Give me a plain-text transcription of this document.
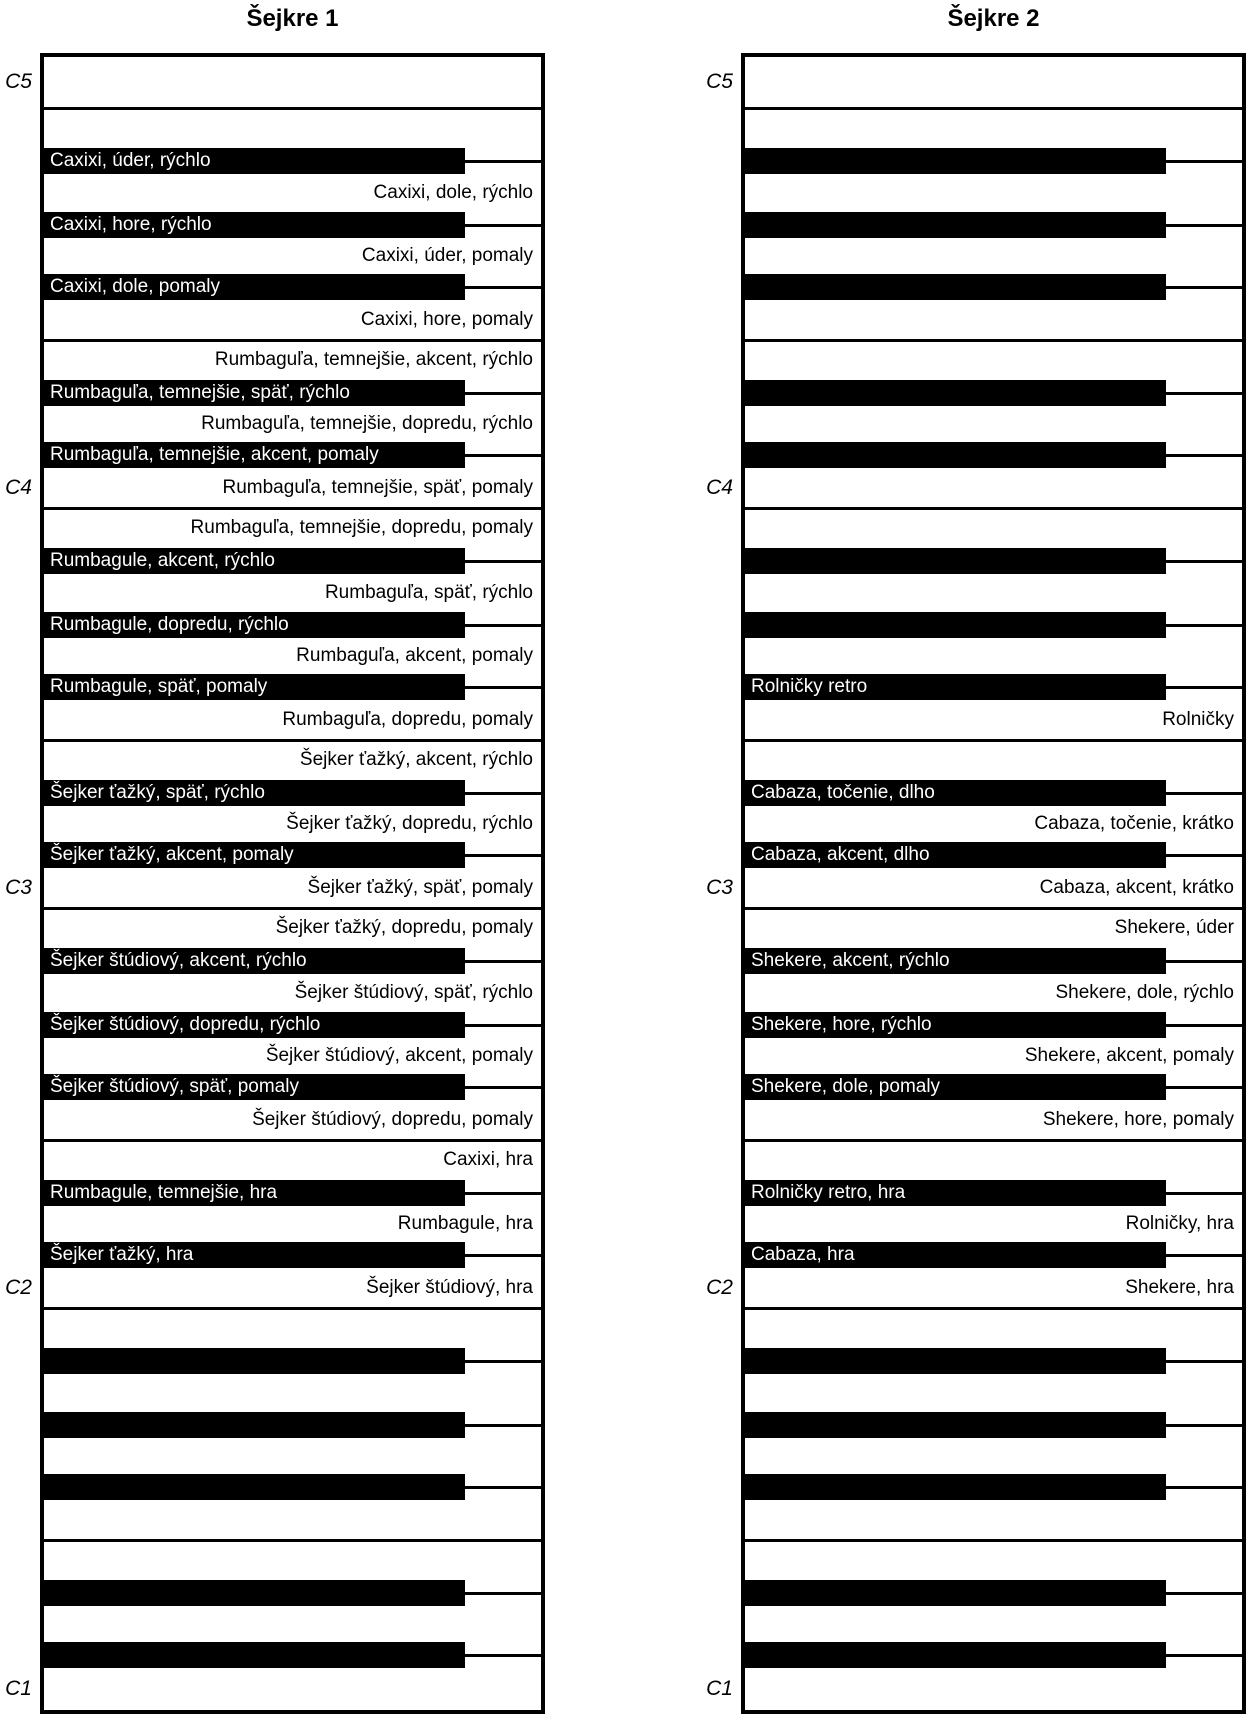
Šejkre 1	Šejkre 2
Caxixi, úder, rýchlo
Caxixi, dole, rýchlo
Caxixi, hore, rýchlo
Caxixi, úder, pomaly
Caxixi, dole, pomaly
Caxixi, hore, pomaly
Rumbaguľa, temnejšie, akcent, rýchlo
Rumbaguľa, temnejšie, späť, rýchlo
Rumbaguľa, temnejšie, dopredu, rýchlo
Rumbaguľa, temnejšie, akcent, pomaly
Rumbaguľa, temnejšie, späť, pomaly
Rumbaguľa, temnejšie, dopredu, pomaly
Rumbagule, akcent, rýchlo
Rumbaguľa, späť, rýchlo
Rumbagule, dopredu, rýchlo
Rumbaguľa, akcent, pomaly
Rumbagule, späť, pomaly
Rumbaguľa, dopredu, pomaly
Šejker ťažký, akcent, rýchlo
Šejker ťažký, späť, rýchlo
Šejker ťažký, dopredu, rýchlo
Šejker ťažký, akcent, pomaly
Šejker ťažký, späť, pomaly
Šejker ťažký, dopredu, pomaly
Šejker štúdiový, akcent, rýchlo
Šejker štúdiový, späť, rýchlo
Šejker štúdiový, dopredu, rýchlo
Šejker štúdiový, akcent, pomaly
Šejker štúdiový, späť, pomaly
Šejker štúdiový, dopredu, pomaly
Caxixi, hra
Rumbagule, temnejšie, hra
Rumbagule, hra
Šejker ťažký, hra
Šejker štúdiový, hra
Rolničky retro
Rolničky
Cabaza, točenie, dlho
Cabaza, točenie, krátko
Cabaza, akcent, dlho
Cabaza, akcent, krátko
Shekere, úder
Shekere, akcent, rýchlo
Shekere, dole, rýchlo
Shekere, hore, rýchlo
Shekere, akcent, pomaly
Shekere, dole, pomaly
Shekere, hore, pomaly
Rolničky retro, hra
Rolničky, hra
Cabaza, hra
Shekere, hra
C5
C4
C3
C2
C1
C5
C4
C3
C2
C1
